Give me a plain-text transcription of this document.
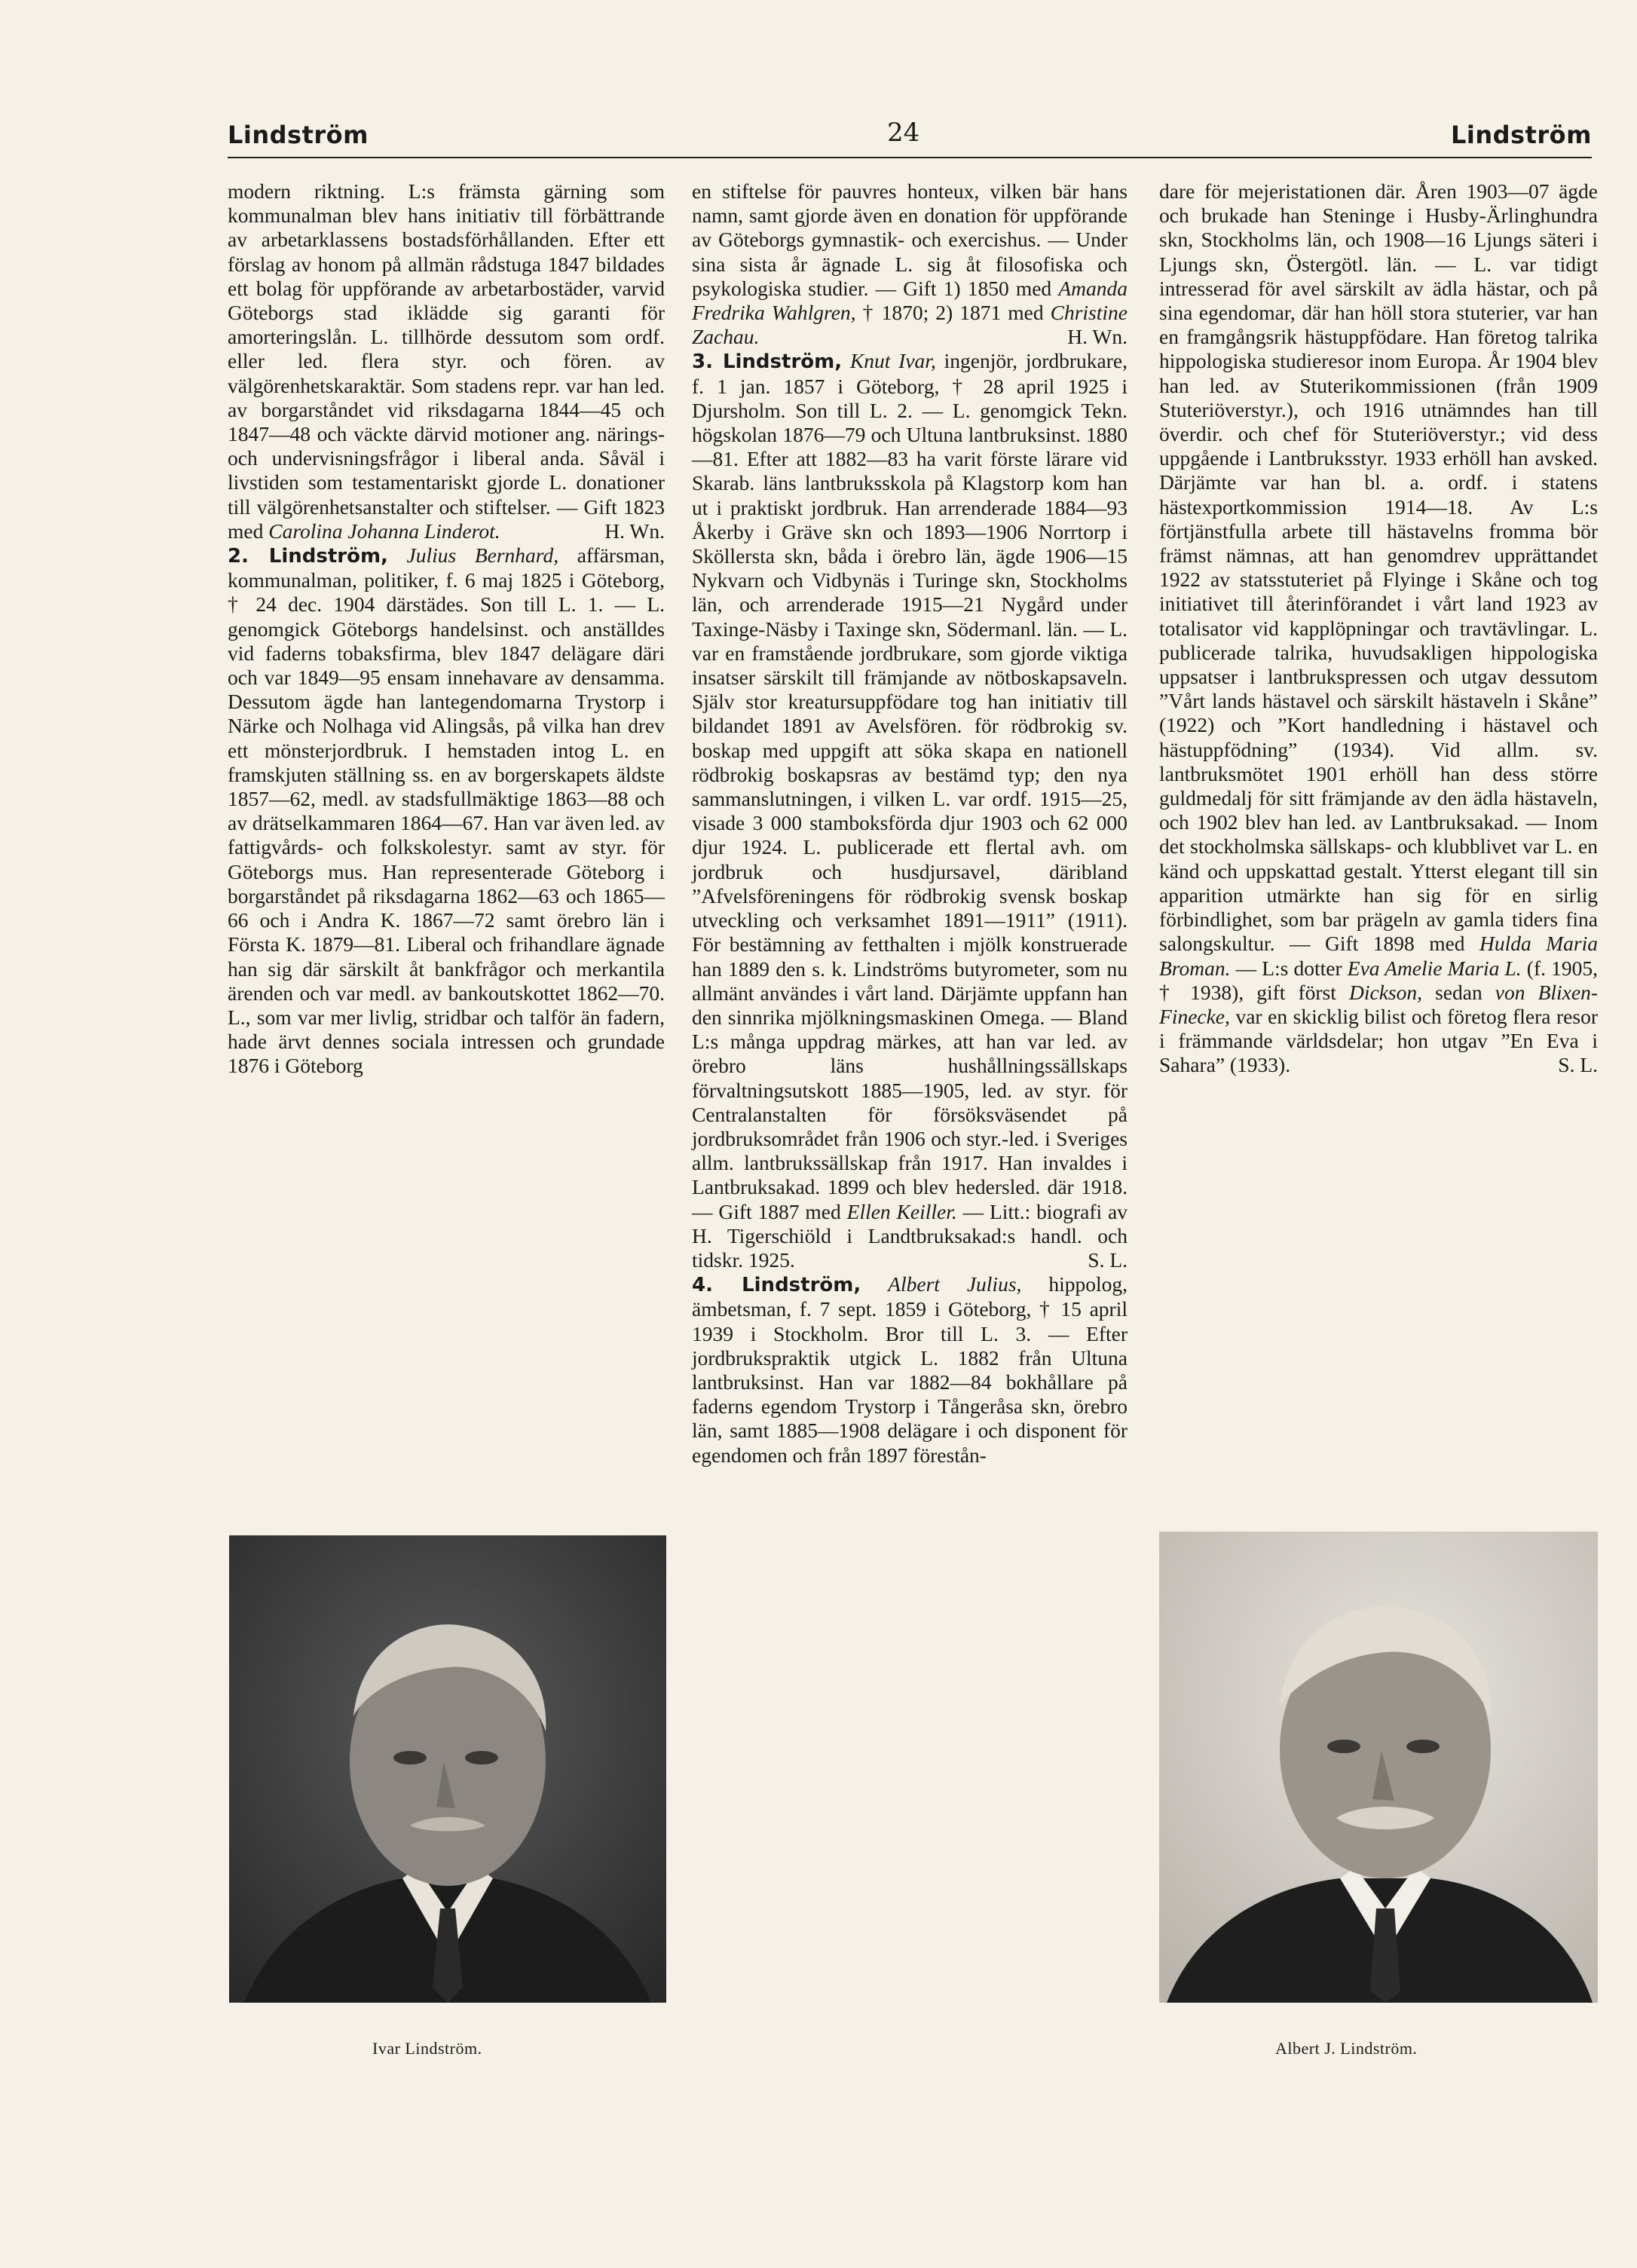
Lindström	24	Lindström

modern riktning. L:s främsta gärning som kommunalman blev hans initiativ till förbättrande av arbetarklassens bostadsförhållanden. Efter ett förslag av honom på allmän rådstuga 1847 bildades ett bolag för uppförande av arbetarbostäder, varvid Göteborgs stad iklädde sig garanti för amorteringslån. L. tillhörde dessutom som ordf. eller led. flera styr. och fören. av välgörenhetskaraktär. Som stadens repr. var han led. av borgarståndet vid riksdagarna 1844—45 och 1847—48 och väckte därvid motioner ang. närings- och undervisningsfrågor i liberal anda. Såväl i livstiden som testamentariskt gjorde L. donationer till välgörenhetsanstalter och stiftelser. — Gift 1823 med Carolina Johanna Linderot.	H. Wn.

2. Lindström, Julius Bernhard, affärsman, kommunalman, politiker, f. 6 maj 1825 i Göteborg, † 24 dec. 1904 därstädes. Son till L. 1. — L. genomgick Göteborgs handelsinst. och anställdes vid faderns tobaksfirma, blev 1847 delägare däri och var 1849—95 ensam innehavare av densamma. Dessutom ägde han lantegendomarna Trystorp i Närke och Nolhaga vid Alingsås, på vilka han drev ett mönsterjordbruk. I hemstaden intog L. en framskjuten ställning ss. en av borgerskapets äldste 1857—62, medl. av stadsfullmäktige 1863—88 och av drätselkammaren 1864—67. Han var även led. av fattigvårds- och folkskolestyr. samt av styr. för Göteborgs mus. Han representerade Göteborg i borgarståndet på riksdagarna 1862—63 och 1865—66 och i Andra K. 1867—72 samt örebro län i Första K. 1879—81. Liberal och frihandlare ägnade han sig där särskilt åt bankfrågor och merkantila ärenden och var medl. av bankoutskottet 1862—70. L., som var mer livlig, stridbar och talför än fadern, hade ärvt dennes sociala intressen och grundade 1876 i Göteborg

en stiftelse för pauvres honteux, vilken bär hans namn, samt gjorde även en donation för uppförande av Göteborgs gymnastik- och exercishus. — Under sina sista år ägnade L. sig åt filosofiska och psykologiska studier. — Gift 1) 1850 med Amanda Fredrika Wahlgren, † 1870; 2) 1871 med Christine Zachau.	H. Wn.

3. Lindström, Knut Ivar, ingenjör, jordbrukare, f. 1 jan. 1857 i Göteborg, † 28 april 1925 i Djursholm. Son till L. 2. — L. genomgick Tekn. högskolan 1876—79 och Ultuna lantbruksinst. 1880—81. Efter att 1882—83 ha varit förste lärare vid Skarab. läns lantbruksskola på Klagstorp kom han ut i praktiskt jordbruk. Han arrenderade 1884—93 Åkerby i Gräve skn och 1893—1906 Norrtorp i Sköllersta skn, båda i örebro län, ägde 1906—15 Nykvarn och Vidbynäs i Turinge skn, Stockholms län, och arrenderade 1915—21 Nygård under Taxinge-Näsby i Taxinge skn, Södermanl. län. — L. var en framstående jordbrukare, som gjorde viktiga insatser särskilt till främjande av nötboskapsaveln. Själv stor kreatursuppfödare tog han initiativ till bildandet 1891 av Avelsfören. för rödbrokig sv. boskap med uppgift att söka skapa en nationell rödbrokig boskapsras av bestämd typ; den nya sammanslutningen, i vilken L. var ordf. 1915—25, visade 3 000 stamboksförda djur 1903 och 62 000 djur 1924. L. publicerade ett flertal avh. om jordbruk och husdjursavel, däribland ”Afvelsföreningens för rödbrokig svensk boskap utveckling och verksamhet 1891—1911” (1911). För bestämning av fetthalten i mjölk konstruerade han 1889 den s. k. Lindströms butyrometer, som nu allmänt användes i vårt land. Därjämte uppfann han den sinnrika mjölkningsmaskinen Omega. — Bland L:s många uppdrag märkes, att han var led. av örebro läns hushållningssällskaps förvaltningsutskott 1885—1905, led. av styr. för Centralanstalten för försöksväsendet på jordbruksområdet från 1906 och styr.-led. i Sveriges allm. lantbrukssällskap från 1917. Han invaldes i Lantbruksakad. 1899 och blev hedersled. där 1918. — Gift 1887 med Ellen Keiller. — Litt.: biografi av H. Tigerschiöld i Landtbruksakad:s handl. och tidskr. 1925.	S. L.

4. Lindström, Albert Julius, hippolog, ämbetsman, f. 7 sept. 1859 i Göteborg, † 15 april 1939 i Stockholm. Bror till L. 3. — Efter jordbrukspraktik utgick L. 1882 från Ultuna lantbruksinst. Han var 1882—84 bokhållare på faderns egendom Trystorp i Tångeråsa skn, örebro län, samt 1885—1908 delägare i och disponent för egendomen och från 1897 förestån-

dare för mejeristationen där. Åren 1903—07 ägde och brukade han Steninge i Husby-Ärlinghundra skn, Stockholms län, och 1908—16 Ljungs säteri i Ljungs skn, Östergötl. län. — L. var tidigt intresserad för avel särskilt av ädla hästar, och på sina egendomar, där han höll stora stuterier, var han en framgångsrik hästuppfödare. Han företog talrika hippologiska studieresor inom Europa. År 1904 blev han led. av Stuterikommissionen (från 1909 Stuteriöverstyr.), och 1916 utnämndes han till överdir. och chef för Stuteriöverstyr.; vid dess uppgående i Lantbruksstyr. 1933 erhöll han avsked. Därjämte var han bl. a. ordf. i statens hästexportkommission 1914—18. Av L:s förtjänstfulla arbete till hästavelns fromma bör främst nämnas, att han genomdrev upprättandet 1922 av statsstuteriet på Flyinge i Skåne och tog initiativet till återinförandet i vårt land 1923 av totalisator vid kapplöpningar och travtävlingar. L. publicerade talrika, huvudsakligen hippologiska uppsatser i lantbrukspressen och utgav dessutom ”Vårt lands hästavel och särskilt hästaveln i Skåne” (1922) och ”Kort handledning i hästavel och hästuppfödning” (1934). Vid allm. sv. lantbruksmötet 1901 erhöll han dess större guldmedalj för sitt främjande av den ädla hästaveln, och 1902 blev han led. av Lantbruksakad. — Inom det stockholmska sällskaps- och klubblivet var L. en känd och uppskattad gestalt. Ytterst elegant till sin apparition utmärkte han sig för en sirlig förbindlighet, som bar prägeln av gamla tiders fina salongskultur. — Gift 1898 med Hulda Maria Broman. — L:s dotter Eva Amelie Maria L. (f. 1905, † 1938), gift först Dickson, sedan von Blixen-Finecke, var en skicklig bilist och företog flera resor i främmande världsdelar; hon utgav ”En Eva i Sahara” (1933).	S. L.

Ivar Lindström.	Albert J. Lindström.
